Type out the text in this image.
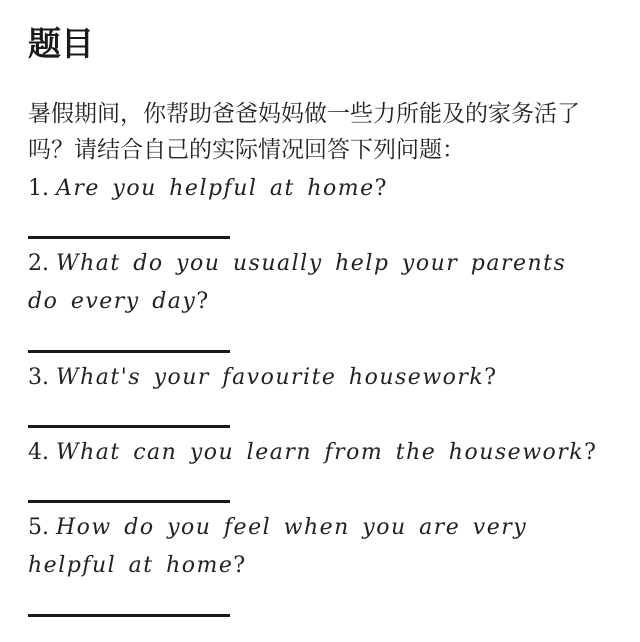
题目
暑假期间，你帮助爸爸妈妈做一些力所能及的家务活了吗？请结合自己的实际情况回答下列问题：
1. Are you helpful at home?
2. What do you usually help your parents do every day?
3. What's your favourite housework?
4. What can you learn from the housework?
5. How do you feel when you are very helpful at home?
